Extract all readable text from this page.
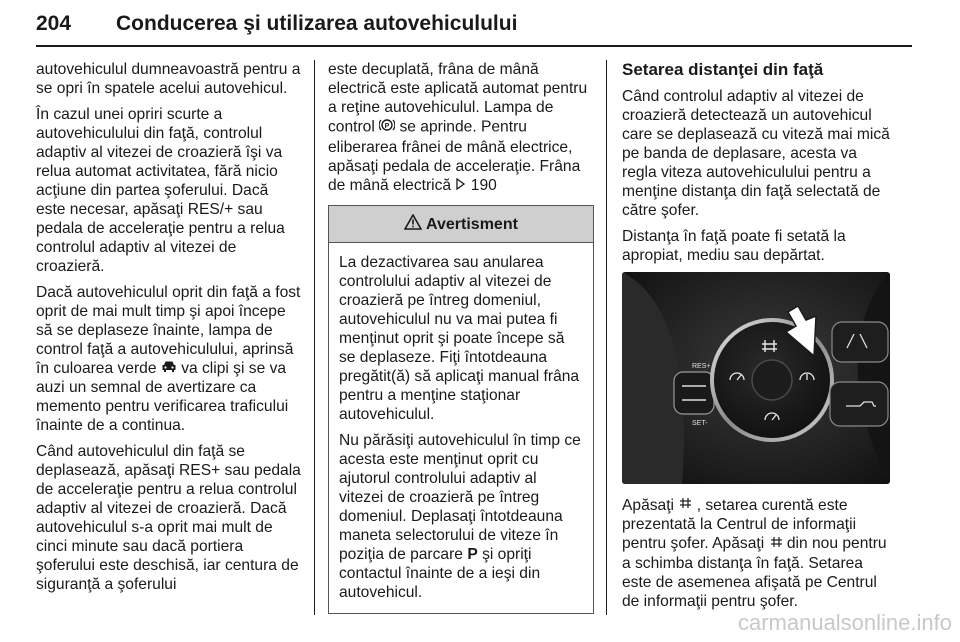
204 Conducerea şi utilizarea autovehiculului

autovehiculul dumneavoastră pentru a se opri în spatele acelui autovehicul.

În cazul unei opriri scurte a autovehiculului din faţă, controlul adaptiv al vitezei de croazieră îşi va relua automat activitatea, fără nicio acţiune din partea şoferului. Dacă este necesar, apăsaţi RES/+ sau pedala de acceleraţie pentru a relua controlul adaptiv al vitezei de croazieră.

Dacă autovehiculul oprit din faţă a fost oprit de mai mult timp şi apoi începe să se deplaseze înainte, lampa de control faţă a autovehiculului, aprinsă în culoarea verde va clipi şi se va auzi un semnal de avertizare ca memento pentru verificarea traficului înainte de a continua.

Când autovehiculul din faţă se deplasează, apăsaţi RES+ sau pedala de acceleraţie pentru a relua controlul adaptiv al vitezei de croazieră. Dacă autovehiculul s-a oprit mai mult de cinci minute sau dacă portiera şoferului este deschisă, iar centura de siguranţă a şoferului

este decuplată, frâna de mână electrică este aplicată automat pentru a reţine autovehiculul. Lampa de control P se aprinde. Pentru eliberarea frânei de mână electrice, apăsaţi pedala de acceleraţie. Frâna de mână electrică 190

Avertisment

La dezactivarea sau anularea controlului adaptiv al vitezei de croazieră pe întreg domeniul, autovehiculul nu va mai putea fi menţinut oprit şi poate începe să se deplaseze. Fiţi întotdeauna pregătit(ă) să aplicaţi manual frâna pentru a menţine staţionar autovehiculul.

Nu părăsiţi autovehiculul în timp ce acesta este menţinut oprit cu ajutorul controlului adaptiv al vitezei de croazieră pe întreg domeniul. Deplasaţi întotdeauna maneta selectorului de viteze în poziţia de parcare P şi opriţi contactul înainte de a ieşi din autovehicul.

Setarea distanţei din faţă

Când controlul adaptiv al vitezei de croazieră detectează un autovehicul care se deplasează cu viteză mai mică pe banda de deplasare, acesta va regla viteza autovehiculului pentru a menţine distanţa din faţă selectată de către şofer.

Distanţa în faţă poate fi setată la apropiat, mediu sau depărtat.

RES+
SET-

Apăsaţi , setarea curentă este prezentată la Centrul de informaţii pentru şofer. Apăsaţi din nou pentru a schimba distanţa în faţă. Setarea este de asemenea afişată pe Centrul de informaţii pentru şofer.

carmanualsonline.info
